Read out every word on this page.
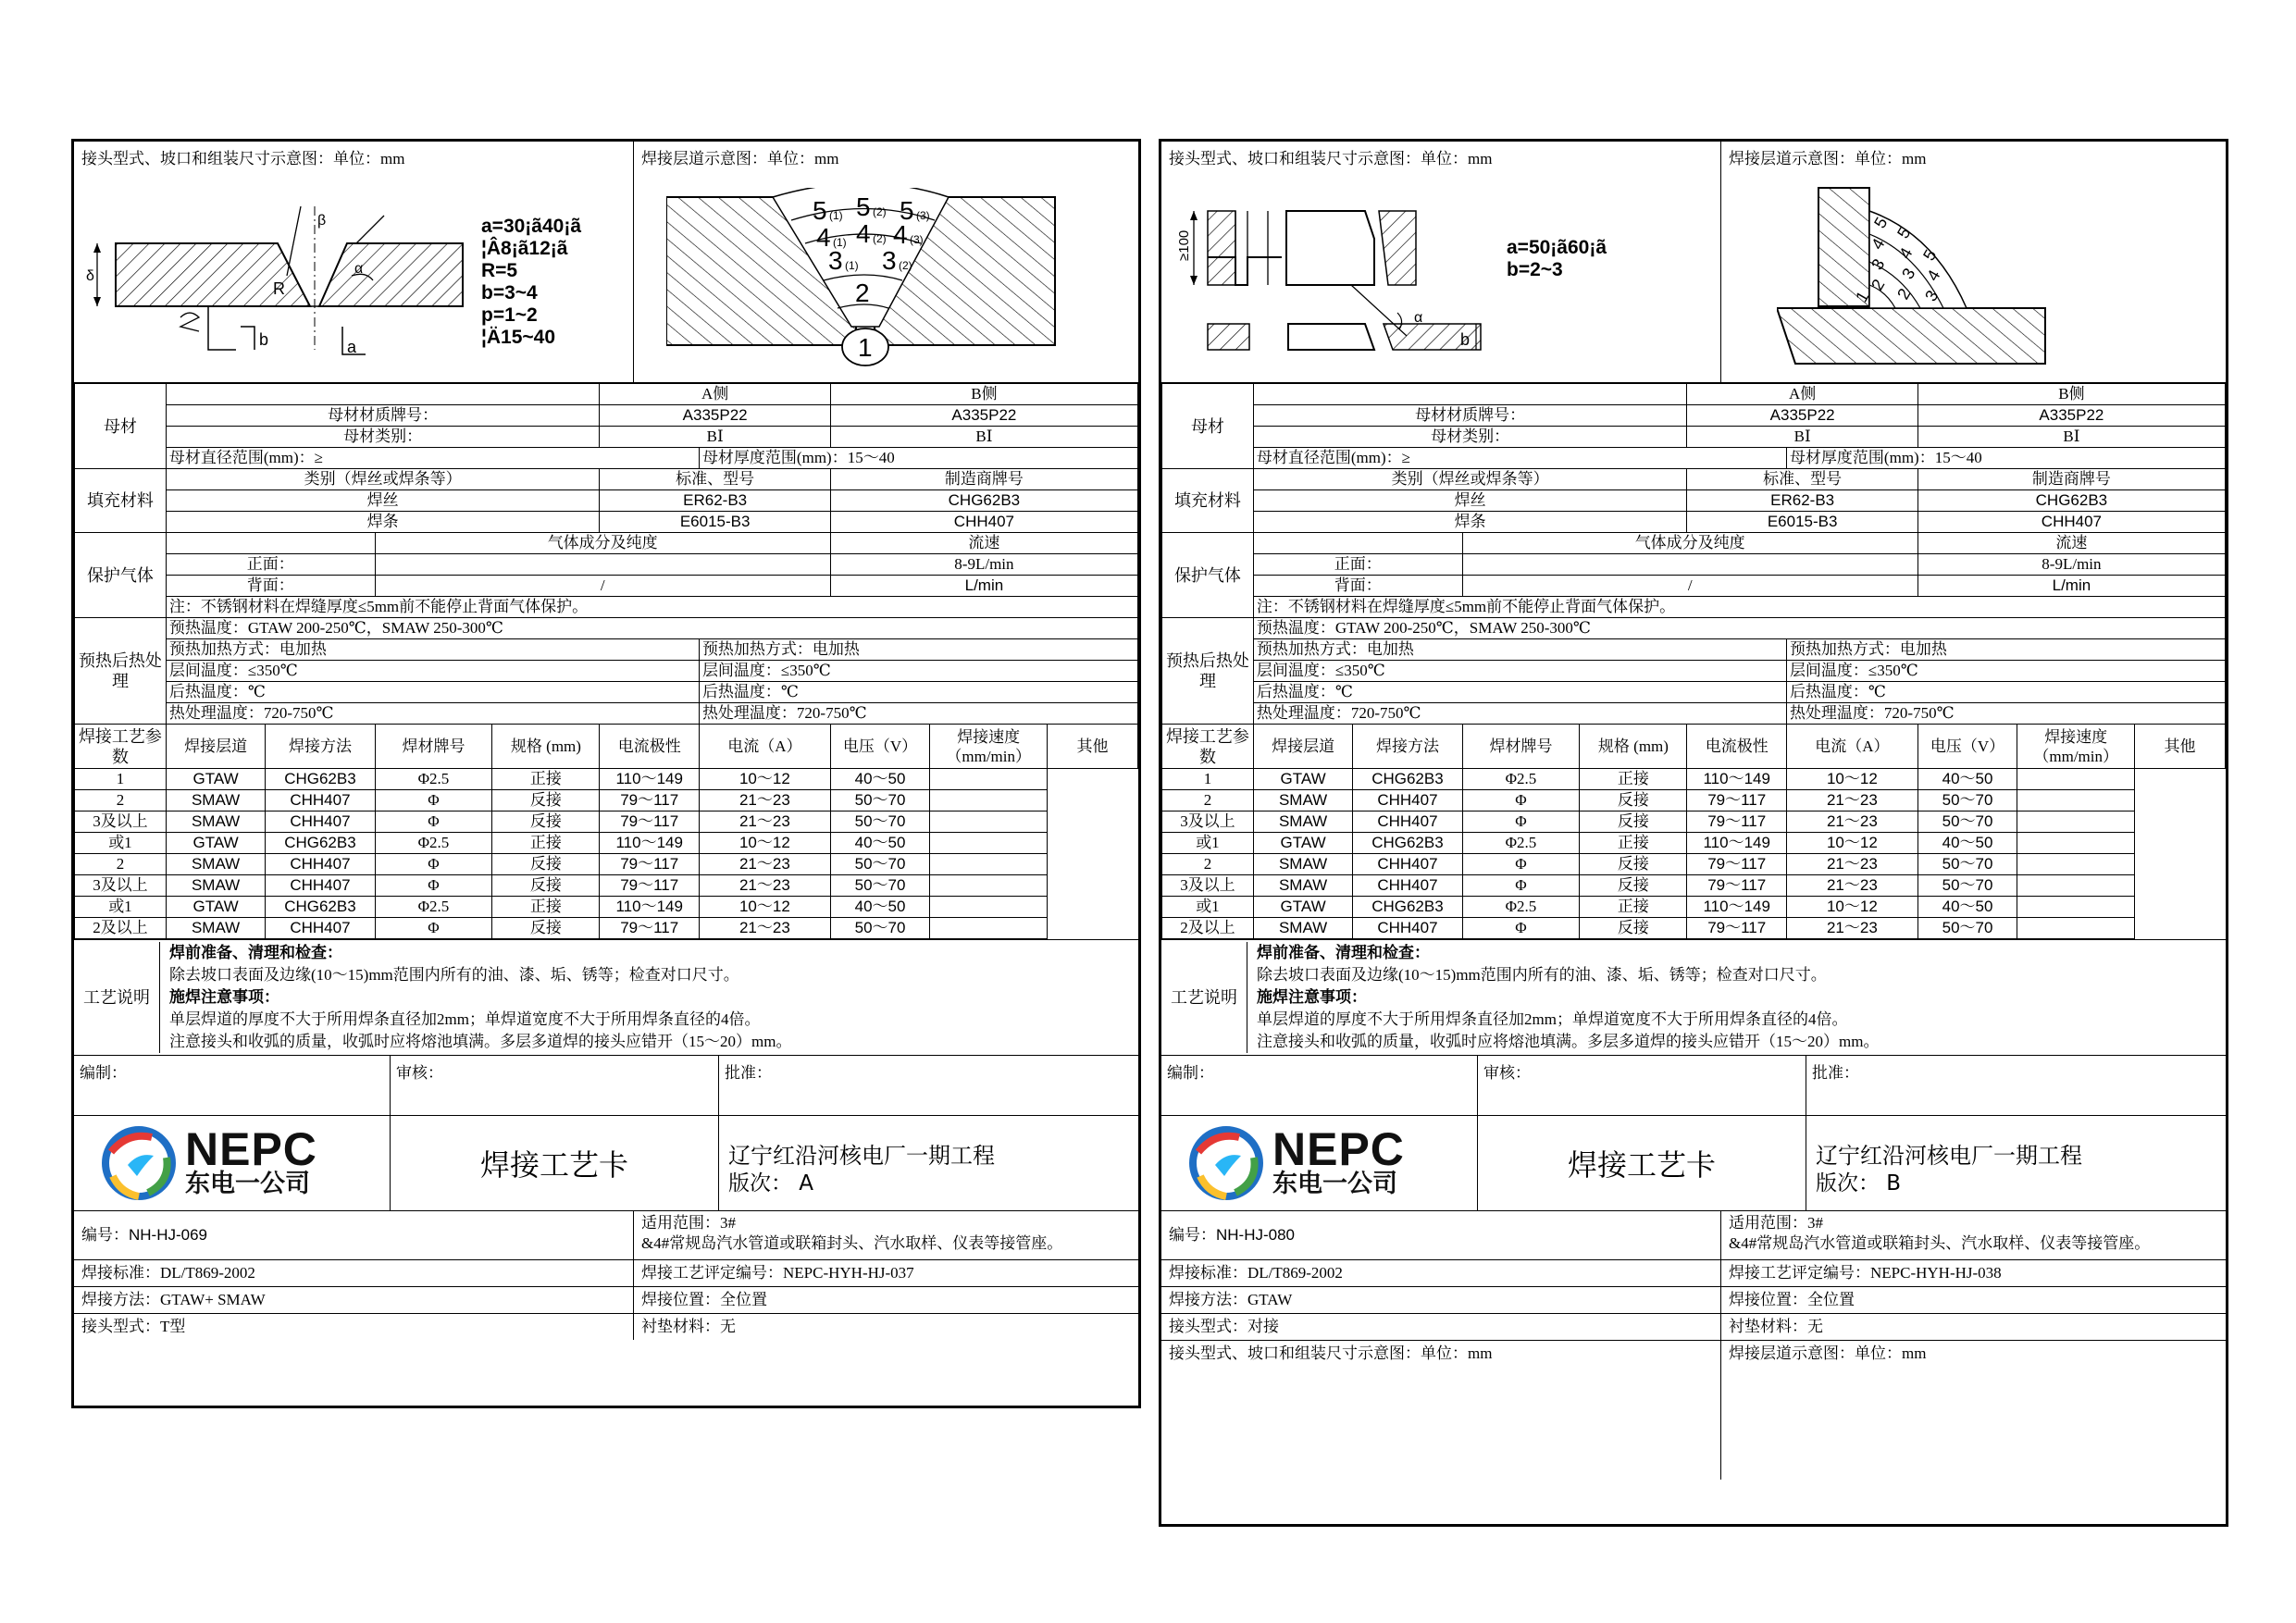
接头型式、坡口和组装尺寸示意图：单位：mm
R
α
b	a
δ
β	a=30¡ã40¡ã
¦Â8¡ã12¡ã
R=5
b=3~4
p=1~2
¦Ä15~40
焊接层道示意图：单位：mm
5 5 5
4 4 4
3 3
2
1
(1)	(2)	(3)
(1) (2) (3)
(1)	(2)
母材					A侧		B侧		
	母材材质牌号：				A335P22		A335P22		
	母材类别：				BⅠ		BⅠ		
	母材直径范围(mm)：≥					母材厚度范围(mm)：15～40			
填充材料	类别（焊丝或焊条等）				标准、型号		制造商牌号		
	焊丝				ER62-B3		CHG62B3		
	焊条				E6015-B3		CHH407		
保护气体			气体成分及纯度				流速		
	正面：						8-9L/min		
	背面：		/				L/min		
	注：不锈钢材料在焊缝厚度≤5mm前不能停止背面气体保护。								
预热后热处理	预热温度：GTAW 200-250℃，SMAW 250-300℃								
	预热加热方式：电加热					预热加热方式：电加热			
	层间温度：≤350℃					层间温度：≤350℃			
	后热温度：℃					后热温度：℃			
	热处理温度：720-750℃					热处理温度：720-750℃			
焊接工艺参数	焊接层道	焊接方法	焊材牌号	规格 (mm)	电流极性	电流（A）	电压（V）	焊接速度（mm/min）	其他
1	GTAW	CHG62B3	Φ2.5	正接	110～149	10～12	40～50		
2	SMAW	CHH407	Φ	反接	79～117	21～23	50～70		
3及以上	SMAW	CHH407	Φ	反接	79～117	21～23	50～70		
或1	GTAW	CHG62B3	Φ2.5	正接	110～149	10～12	40～50		
2	SMAW	CHH407	Φ	反接	79～117	21～23	50～70		
3及以上	SMAW	CHH407	Φ	反接	79～117	21～23	50～70		
或1	GTAW	CHG62B3	Φ2.5	正接	110～149	10～12	40～50		
2及以上	SMAW	CHH407	Φ	反接	79～117	21～23	50～70		
工艺说明
焊前准备、清理和检查：
除去坡口表面及边缘(10～15)mm范围内所有的油、漆、垢、锈等；检查对口尺寸。
施焊注意事项：
单层焊道的厚度不大于所用焊条直径加2mm；单焊道宽度不大于所用焊条直径的4倍。
注意接头和收弧的质量，收弧时应将熔池填满。多层多道焊的接头应错开（15～20）mm。
编制：	审核：	批准：
NEPC
东电一公司
焊接工艺卡	辽宁红沿河核电厂一期工程
版次： A
编号：NH-HJ-069
适用范围：3#
&4#常规岛汽水管道或联箱封头、汽水取样、仪表等接管座。
焊接标准：DL/T869-2002	焊接工艺评定编号：NEPC-HYH-HJ-037
焊接方法：GTAW+ SMAW	焊接位置：全位置
接头型式：T型	衬垫材料：无
接头型式、坡口和组装尺寸示意图：单位：mm
≥100
α
b
a=50¡ã60¡ã
b=2~3
焊接层道示意图：单位：mm
1
2
3
4
5
2
3
4
5
3
4
5
母材					A侧		B侧		
	母材材质牌号：				A335P22		A335P22		
	母材类别：				BⅠ		BⅠ		
	母材直径范围(mm)：≥					母材厚度范围(mm)：15～40			
填充材料	类别（焊丝或焊条等）				标准、型号		制造商牌号		
	焊丝				ER62-B3		CHG62B3		
	焊条				E6015-B3		CHH407		
保护气体			气体成分及纯度				流速		
	正面：						8-9L/min		
	背面：		/				L/min		
	注：不锈钢材料在焊缝厚度≤5mm前不能停止背面气体保护。								
预热后热处理	预热温度：GTAW 200-250℃，SMAW 250-300℃								
	预热加热方式：电加热					预热加热方式：电加热			
	层间温度：≤350℃					层间温度：≤350℃			
	后热温度：℃					后热温度：℃			
	热处理温度：720-750℃					热处理温度：720-750℃			
焊接工艺参数	焊接层道	焊接方法	焊材牌号	规格 (mm)	电流极性	电流（A）	电压（V）	焊接速度（mm/min）	其他
1	GTAW	CHG62B3	Φ2.5	正接	110～149	10～12	40～50		
2	SMAW	CHH407	Φ	反接	79～117	21～23	50～70		
3及以上	SMAW	CHH407	Φ	反接	79～117	21～23	50～70		
或1	GTAW	CHG62B3	Φ2.5	正接	110～149	10～12	40～50		
2	SMAW	CHH407	Φ	反接	79～117	21～23	50～70		
3及以上	SMAW	CHH407	Φ	反接	79～117	21～23	50～70		
或1	GTAW	CHG62B3	Φ2.5	正接	110～149	10～12	40～50		
2及以上	SMAW	CHH407	Φ	反接	79～117	21～23	50～70		
工艺说明
焊前准备、清理和检查：
除去坡口表面及边缘(10～15)mm范围内所有的油、漆、垢、锈等；检查对口尺寸。
施焊注意事项：
单层焊道的厚度不大于所用焊条直径加2mm；单焊道宽度不大于所用焊条直径的4倍。
注意接头和收弧的质量，收弧时应将熔池填满。多层多道焊的接头应错开（15～20）mm。
编制：	审核：	批准：
NEPC
东电一公司
焊接工艺卡	辽宁红沿河核电厂一期工程
版次： B
编号：NH-HJ-080
适用范围：3#
&4#常规岛汽水管道或联箱封头、汽水取样、仪表等接管座。
焊接标准：DL/T869-2002	焊接工艺评定编号：NEPC-HYH-HJ-038
焊接方法：GTAW	焊接位置：全位置
接头型式：对接	衬垫材料：无
接头型式、坡口和组装尺寸示意图：单位：mm	焊接层道示意图：单位：mm
